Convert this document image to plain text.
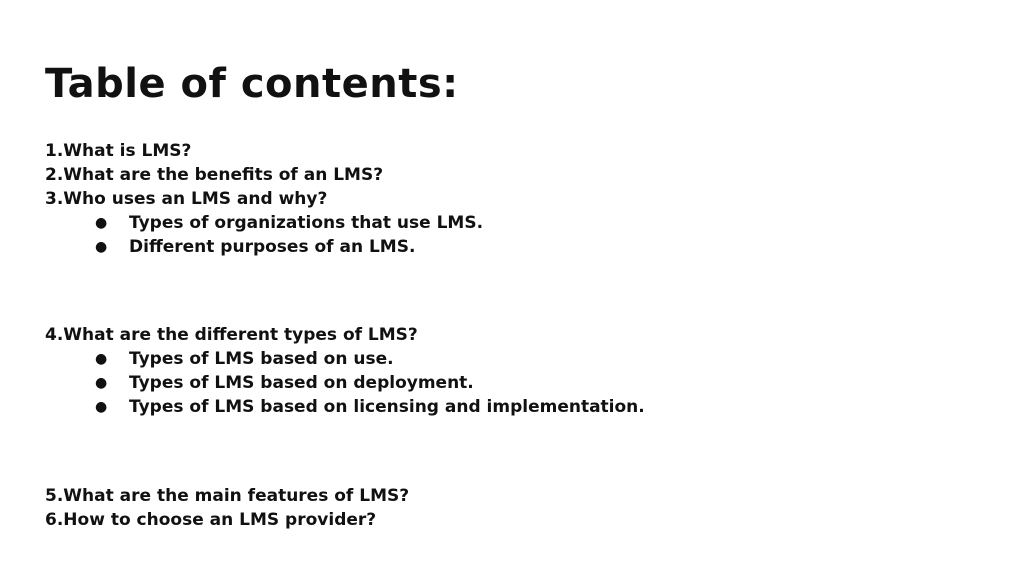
Table of contents:
1.What is LMS?
2.What are the benefits of an LMS?
3.Who uses an LMS and why?
● Types of organizations that use LMS.
● Different purposes of an LMS.
4.What are the different types of LMS?
● Types of LMS based on use.
● Types of LMS based on deployment.
● Types of LMS based on licensing and implementation.
5.What are the main features of LMS?
6.How to choose an LMS provider?
